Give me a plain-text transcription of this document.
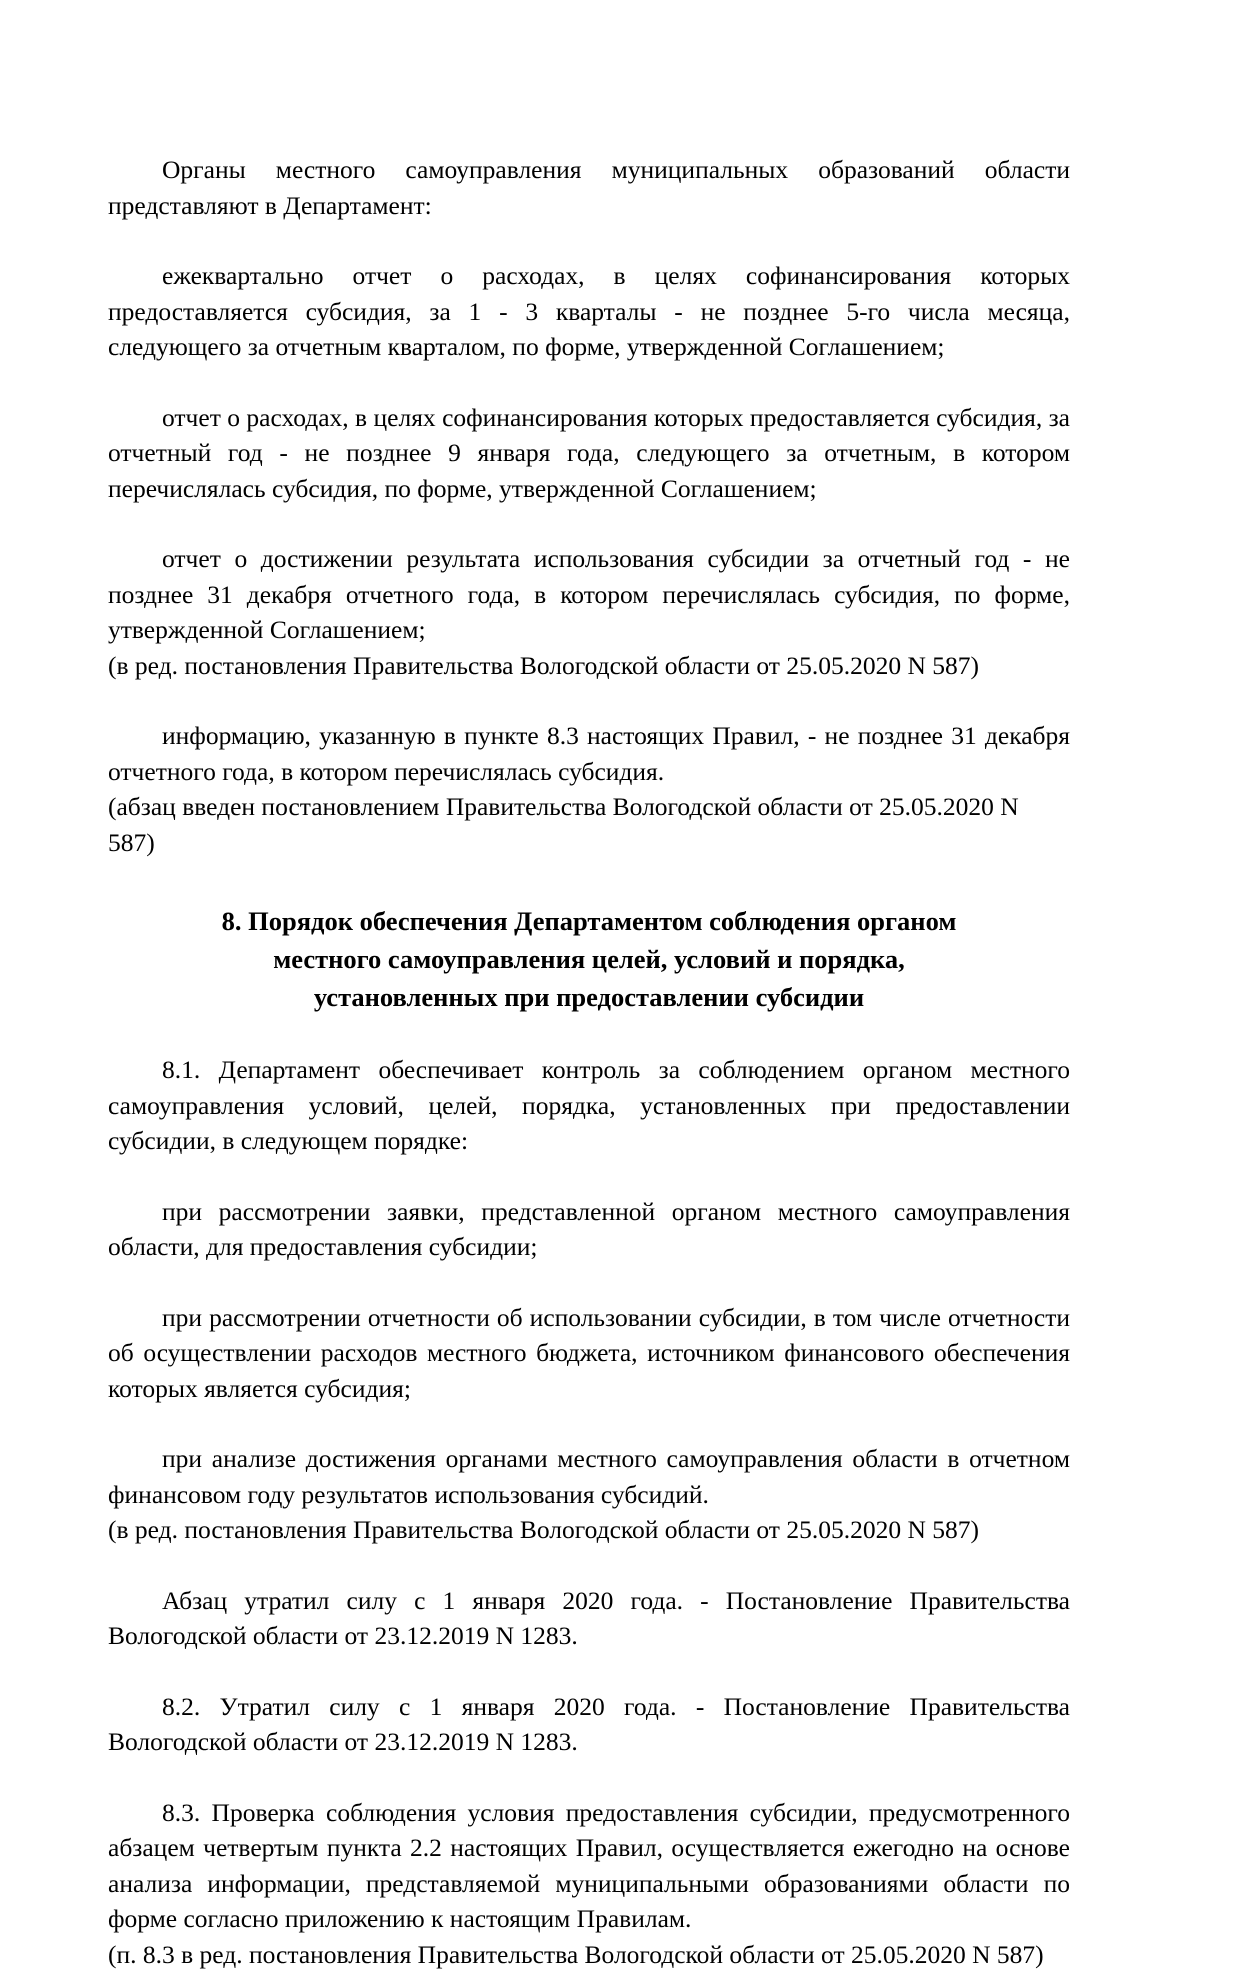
Органы местного самоуправления муниципальных образований области представляют в Департамент:

ежеквартально отчет о расходах, в целях софинансирования которых предоставляется субсидия, за 1 - 3 кварталы - не позднее 5-го числа месяца, следующего за отчетным кварталом, по форме, утвержденной Соглашением;

отчет о расходах, в целях софинансирования которых предоставляется субсидия, за отчетный год - не позднее 9 января года, следующего за отчетным, в котором перечислялась субсидия, по форме, утвержденной Соглашением;

отчет о достижении результата использования субсидии за отчетный год - не позднее 31 декабря отчетного года, в котором перечислялась субсидия, по форме, утвержденной Соглашением;

(в ред. постановления Правительства Вологодской области от 25.05.2020 N 587)

информацию, указанную в пункте 8.3 настоящих Правил, - не позднее 31 декабря отчетного года, в котором перечислялась субсидия.

(абзац введен постановлением Правительства Вологодской области от 25.05.2020 N 587)

8. Порядок обеспечения Департаментом соблюдения органом
местного самоуправления целей, условий и порядка,
установленных при предоставлении субсидии

8.1. Департамент обеспечивает контроль за соблюдением органом местного самоуправления условий, целей, порядка, установленных при предоставлении субсидии, в следующем порядке:

при рассмотрении заявки, представленной органом местного самоуправления области, для предоставления субсидии;

при рассмотрении отчетности об использовании субсидии, в том числе отчетности об осуществлении расходов местного бюджета, источником финансового обеспечения которых является субсидия;

при анализе достижения органами местного самоуправления области в отчетном финансовом году результатов использования субсидий.

(в ред. постановления Правительства Вологодской области от 25.05.2020 N 587)

Абзац утратил силу с 1 января 2020 года. - Постановление Правительства Вологодской области от 23.12.2019 N 1283.

8.2. Утратил силу с 1 января 2020 года. - Постановление Правительства Вологодской области от 23.12.2019 N 1283.

8.3. Проверка соблюдения условия предоставления субсидии, предусмотренного абзацем четвертым пункта 2.2 настоящих Правил, осуществляется ежегодно на основе анализа информации, представляемой муниципальными образованиями области по форме согласно приложению к настоящим Правилам.

(п. 8.3 в ред. постановления Правительства Вологодской области от 25.05.2020 N 587)
